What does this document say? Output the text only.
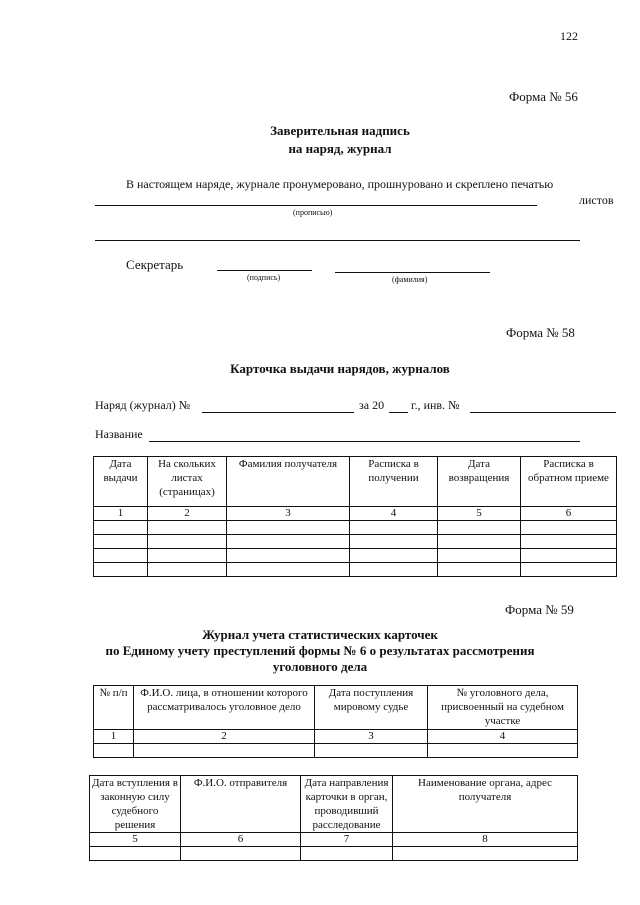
122
Форма № 56
Заверительная надпись
на наряд, журнал
В настоящем наряде, журнале пронумеровано, прошнуровано и скреплено печатью
листов
(прописью)
Секретарь
(подпись)	(фамилия)
Форма № 58
Карточка выдачи нарядов, журналов
Наряд (журнал) №	за 20 г., инв. №
Название
Дата выдачи	На скольких листах (страницах)	Фамилия получателя	Расписка в получении	Дата возвращения	Расписка в обратном приеме
1	2	3	4	5	6

Форма № 59
Журнал учета статистических карточек
по Единому учету преступлений формы № 6 о результатах рассмотрения
уголовного дела
№ п/п	Ф.И.О. лица, в отношении которого рассматривалось уголовное дело	Дата поступления мировому судье	№ уголовного дела, присвоенный на судебном участке
1	2	3	4

Дата вступления в законную силу судебного решения	Ф.И.О. отправителя	Дата направления карточки в орган, проводивший расследование	Наименование органа, адрес получателя
5	6	7	8
